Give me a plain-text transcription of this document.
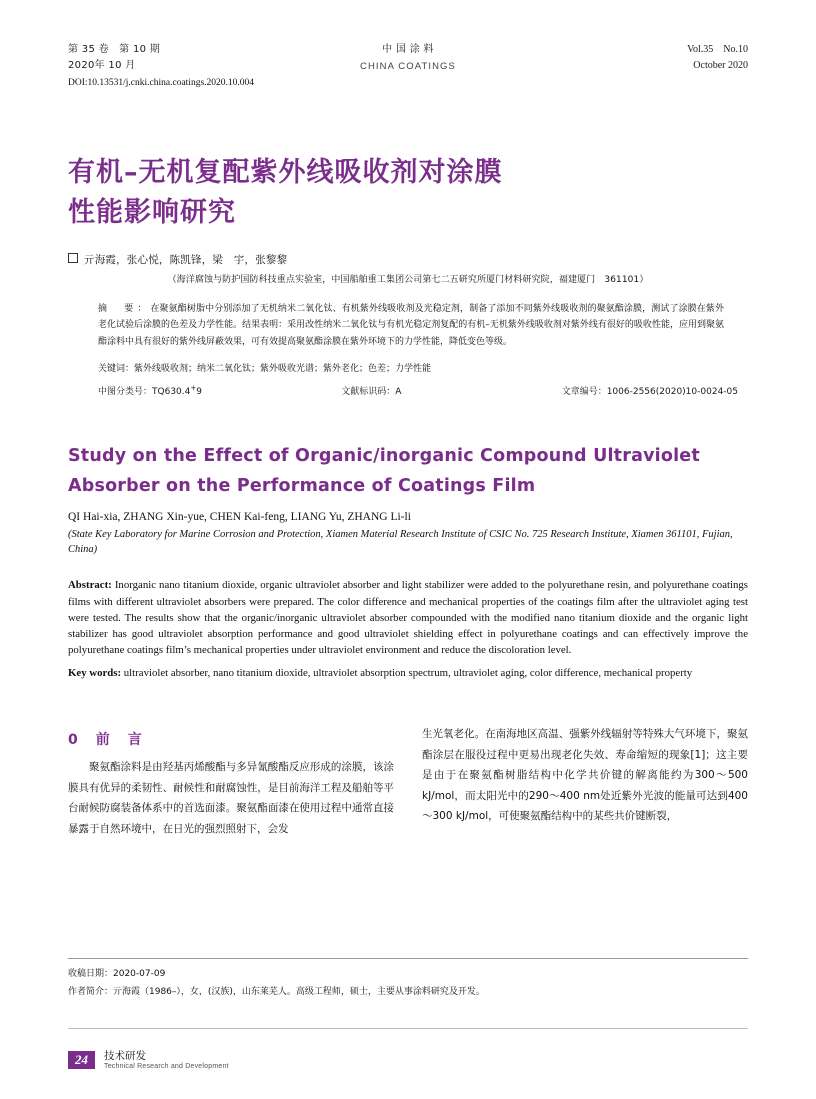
第 35 卷　第 10 期
2020年 10 月
DOI:10.13531/j.cnki.china.coatings.2020.10.004
中 国 涂 料
CHINA COATINGS
Vol.35　No.10
October 2020
有机–无机复配紫外线吸收剂对涂膜
性能影响研究
亓海霞，张心悦，陈凯锋，梁　宇，张黎黎
（海洋腐蚀与防护国防科技重点实验室，中国船舶重工集团公司第七二五研究所厦门材料研究院，福建厦门　361101）
摘　要：在聚氨酯树脂中分别添加了无机纳米二氧化钛、有机紫外线吸收剂及光稳定剂，制备了添加不同紫外线吸收剂的聚氨酯涂膜，测试了涂膜在紫外老化试验后涂膜的色差及力学性能。结果表明：采用改性纳米二氧化钛与有机光稳定剂复配的有机–无机紫外线吸收剂对紫外线有很好的吸收性能，应用到聚氨酯涂料中具有很好的紫外线屏蔽效果，可有效提高聚氨酯涂膜在紫外环境下的力学性能，降低变色等级。
关键词：紫外线吸收剂；纳米二氧化钛；紫外吸收光谱；紫外老化；色差；力学性能
中图分类号：TQ630.4+9	文献标识码：A	文章编号：1006-2556(2020)10-0024-05
Study on the Effect of Organic/inorganic Compound Ultraviolet Absorber on the Performance of Coatings Film
QI Hai-xia, ZHANG Xin-yue, CHEN Kai-feng, LIANG Yu, ZHANG Li-li
(State Key Laboratory for Marine Corrosion and Protection, Xiamen Material Research Institute of CSIC No. 725 Research Institute, Xiamen 361101, Fujian, China)
Abstract: Inorganic nano titanium dioxide, organic ultraviolet absorber and light stabilizer were added to the polyurethane resin, and polyurethane coatings films with different ultraviolet absorbers were prepared. The color difference and mechanical properties of the coatings film after the ultraviolet aging test were tested. The results show that the organic/inorganic ultraviolet absorber compounded with the modified nano titanium dioxide and the organic light stabilizer has good ultraviolet absorption performance and good ultraviolet shielding effect in polyurethane coatings and can effectively improve the polyurethane coatings film’s mechanical properties under ultraviolet environment and reduce the discoloration level.
Key words: ultraviolet absorber, nano titanium dioxide, ultraviolet absorption spectrum, ultraviolet aging, color difference, mechanical property
0　前　言

聚氨酯涂料是由羟基丙烯酸酯与多异氰酸酯反应形成的涂膜，该涂膜具有优异的柔韧性、耐候性和耐腐蚀性，是目前海洋工程及船舶等平台耐候防腐装备体系中的首选面漆。聚氨酯面漆在使用过程中通常直接暴露于自然环境中，在日光的强烈照射下，会发

生光氧老化。在南海地区高温、强紫外线辐射等特殊大气环境下，聚氨酯涂层在服役过程中更易出现老化失效、寿命缩短的现象[1]；这主要是由于在聚氨酯树脂结构中化学共价键的解离能约为300～500 kJ/mol，而太阳光中的290～400 nm处近紫外光波的能量可达到400～300 kJ/mol，可使聚氨酯结构中的某些共价键断裂，

收稿日期：2020-07-09
作者简介：亓海霞（1986–），女，(汉族)，山东莱芜人。高级工程师，硕士，主要从事涂料研究及开发。
24	技术研发
Technical Research and Development
